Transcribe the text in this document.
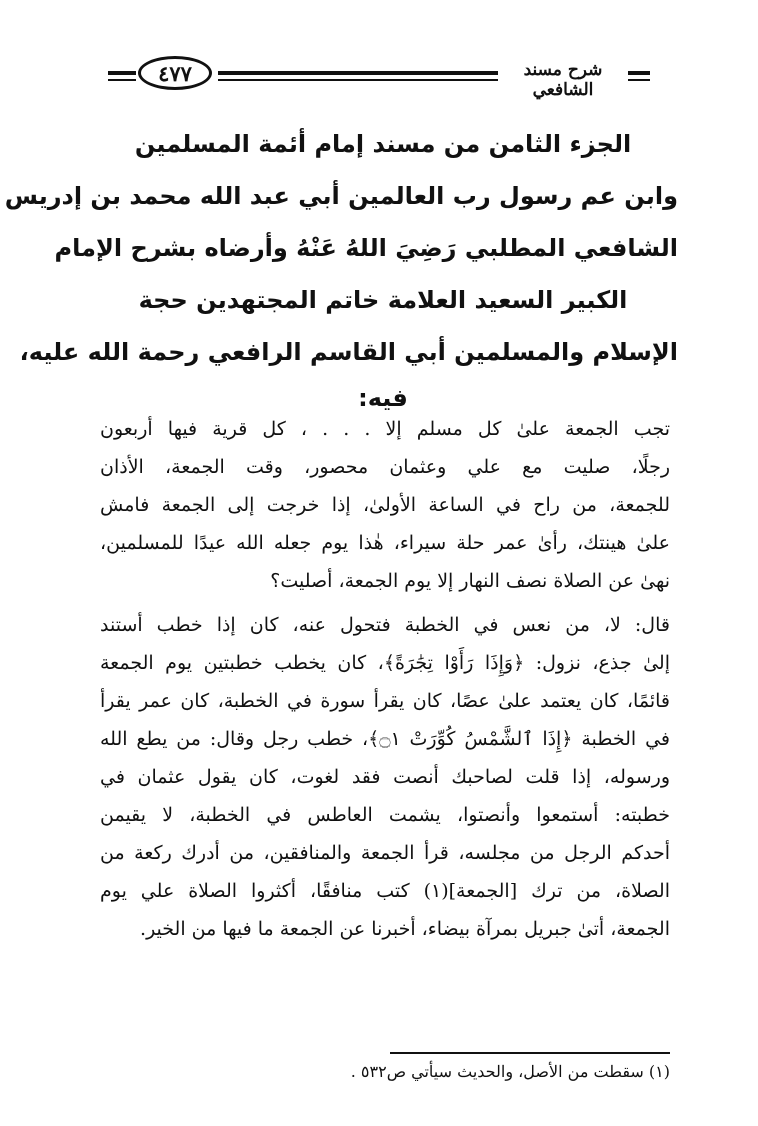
٤٧٧	شرح مسند الشافعي
الجزء الثامن من مسند إمام أئمة المسلمين
وابن عم رسول رب العالمين أبي عبد الله محمد بن إدريس
الشافعي المطلبي رَضِيَ اللهُ عَنْهُ وأرضاه بشرح الإمام
الكبير السعيد العلامة خاتم المجتهدين حجة
الإسلام والمسلمين أبي القاسم الرافعي رحمة الله عليه،
فيه:
تجب الجمعة علىٰ كل مسلم إلا . . . ، كل قرية فيها أربعون
رجلًا، صليت مع علي وعثمان محصور، وقت الجمعة، الأذان
للجمعة، من راح في الساعة الأولىٰ، إذا خرجت إلى الجمعة فامش
علىٰ هينتك، رأىٰ عمر حلة سيراء، هٰذا يوم جعله الله عيدًا للمسلمين،
نهىٰ عن الصلاة نصف النهار إلا يوم الجمعة، أصليت؟
قال: لا، من نعس في الخطبة فتحول عنه، كان إذا خطب أستند
إلىٰ جذع، نزول: ﴿وَإِذَا رَأَوْا تِجَٰرَةً﴾، كان يخطب خطبتين يوم الجمعة
قائمًا، كان يعتمد علىٰ عصًا، كان يقرأ سورة في الخطبة، كان عمر يقرأ
في الخطبة ﴿إِذَا ٱلشَّمْسُ كُوِّرَتْ ۝١﴾، خطب رجل وقال: من يطع الله
ورسوله، إذا قلت لصاحبك أنصت فقد لغوت، كان يقول عثمان في
خطبته: أستمعوا وأنصتوا، يشمت العاطس في الخطبة، لا يقيمن
أحدكم الرجل من مجلسه، قرأ الجمعة والمنافقين، من أدرك ركعة من
الصلاة، من ترك [الجمعة](١) كتب منافقًا، أكثروا الصلاة علي يوم
الجمعة، أتىٰ جبريل بمرآة بيضاء، أخبرنا عن الجمعة ما فيها من الخير.
(١) سقطت من الأصل، والحديث سيأتي ص٥٣٢ .
